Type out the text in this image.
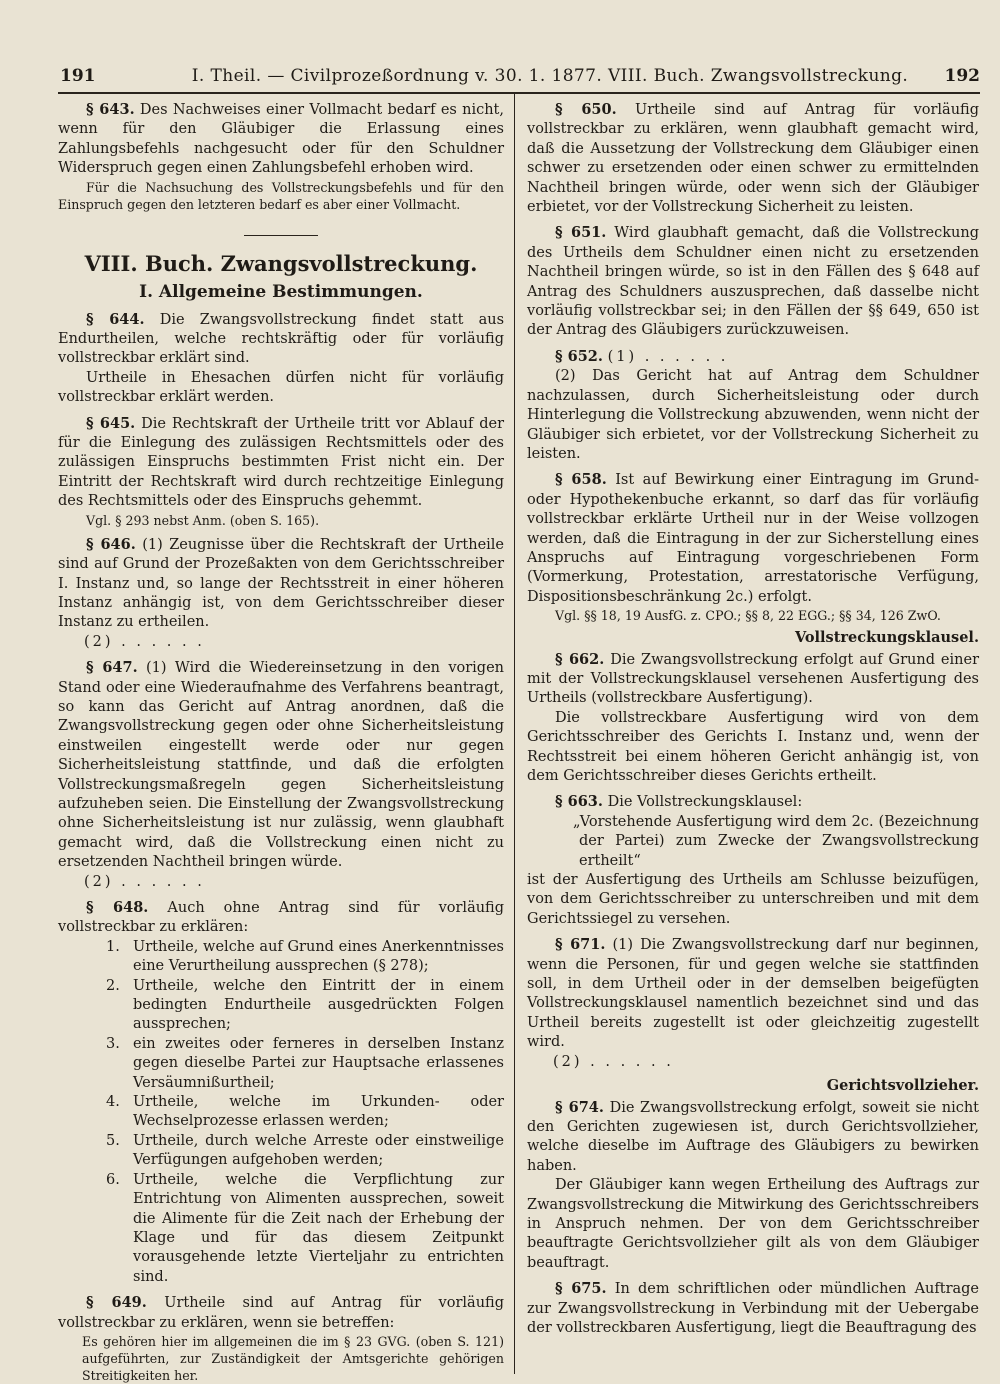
191	I. Theil. — Civilprozeßordnung v. 30. 1. 1877. VIII. Buch. Zwangsvollstreckung. 192

§ 643. Des Nachweises einer Vollmacht bedarf es nicht, wenn für den Gläubiger die Erlassung eines Zahlungsbefehls nachgesucht oder für den Schuldner Widerspruch gegen einen Zahlungsbefehl erhoben wird.

Für die Nachsuchung des Vollstreckungsbefehls und für den Einspruch gegen den letzteren bedarf es aber einer Vollmacht.

VIII. Buch. Zwangsvollstreckung.
I. Allgemeine Bestimmungen.

§ 644. Die Zwangsvollstreckung findet statt aus Endurtheilen, welche rechtskräftig oder für vorläufig vollstreckbar erklärt sind.

Urtheile in Ehesachen dürfen nicht für vorläufig vollstreckbar erklärt werden.

§ 645. Die Rechtskraft der Urtheile tritt vor Ablauf der für die Einlegung des zulässigen Rechtsmittels oder des zulässigen Einspruchs bestimmten Frist nicht ein. Der Eintritt der Rechtskraft wird durch rechtzeitige Einlegung des Rechtsmittels oder des Einspruchs gehemmt.

Vgl. § 293 nebst Anm. (oben S. 165).

§ 646. (1) Zeugnisse über die Rechtskraft der Urtheile sind auf Grund der Prozeßakten von dem Gerichtsschreiber I. Instanz und, so lange der Rechtsstreit in einer höheren Instanz anhängig ist, von dem Gerichtsschreiber dieser Instanz zu ertheilen.

(2) . . . . . .

§ 647. (1) Wird die Wiedereinsetzung in den vorigen Stand oder eine Wiederaufnahme des Verfahrens beantragt, so kann das Gericht auf Antrag anordnen, daß die Zwangsvollstreckung gegen oder ohne Sicherheitsleistung einstweilen eingestellt werde oder nur gegen Sicherheitsleistung stattfinde, und daß die erfolgten Vollstreckungsmaßregeln gegen Sicherheitsleistung aufzuheben seien. Die Einstellung der Zwangsvollstreckung ohne Sicherheitsleistung ist nur zulässig, wenn glaubhaft gemacht wird, daß die Vollstreckung einen nicht zu ersetzenden Nachtheil bringen würde.

(2) . . . . . .

§ 648. Auch ohne Antrag sind für vorläufig vollstreckbar zu erklären:

1. Urtheile, welche auf Grund eines Anerkenntnisses eine Verurtheilung aussprechen (§ 278);
2. Urtheile, welche den Eintritt der in einem bedingten Endurtheile ausgedrückten Folgen aussprechen;
3. ein zweites oder ferneres in derselben Instanz gegen dieselbe Partei zur Hauptsache erlassenes Versäumnißurtheil;
4. Urtheile, welche im Urkunden- oder Wechselprozesse erlassen werden;
5. Urtheile, durch welche Arreste oder einstweilige Verfügungen aufgehoben werden;
6. Urtheile, welche die Verpflichtung zur Entrichtung von Alimenten aussprechen, soweit die Alimente für die Zeit nach der Erhebung der Klage und für das diesem Zeitpunkt vorausgehende letzte Vierteljahr zu entrichten sind.

§ 649. Urtheile sind auf Antrag für vorläufig vollstreckbar zu erklären, wenn sie betreffen:

Es gehören hier im allgemeinen die im § 23 GVG. (oben S. 121) aufgeführten, zur Zuständigkeit der Amtsgerichte gehörigen Streitigkeiten her.

§ 650. Urtheile sind auf Antrag für vorläufig vollstreckbar zu erklären, wenn glaubhaft gemacht wird, daß die Aussetzung der Vollstreckung dem Gläubiger einen schwer zu ersetzenden oder einen schwer zu ermittelnden Nachtheil bringen würde, oder wenn sich der Gläubiger erbietet, vor der Vollstreckung Sicherheit zu leisten.

§ 651. Wird glaubhaft gemacht, daß die Vollstreckung des Urtheils dem Schuldner einen nicht zu ersetzenden Nachtheil bringen würde, so ist in den Fällen des § 648 auf Antrag des Schuldners auszusprechen, daß dasselbe nicht vorläufig vollstreckbar sei; in den Fällen der §§ 649, 650 ist der Antrag des Gläubigers zurückzuweisen.

§ 652. (1) . . . . . .

(2) Das Gericht hat auf Antrag dem Schuldner nachzulassen, durch Sicherheitsleistung oder durch Hinterlegung die Vollstreckung abzuwenden, wenn nicht der Gläubiger sich erbietet, vor der Vollstreckung Sicherheit zu leisten.

§ 658. Ist auf Bewirkung einer Eintragung im Grund- oder Hypothekenbuche erkannt, so darf das für vorläufig vollstreckbar erklärte Urtheil nur in der Weise vollzogen werden, daß die Eintragung in der zur Sicherstellung eines Anspruchs auf Eintragung vorgeschriebenen Form (Vormerkung, Protestation, arrestatorische Verfügung, Dispositionsbeschränkung 2c.) erfolgt.

Vgl. §§ 18, 19 AusfG. z. CPO.; §§ 8, 22 EGG.; §§ 34, 126 ZwO.

Vollstreckungsklausel.

§ 662. Die Zwangsvollstreckung erfolgt auf Grund einer mit der Vollstreckungsklausel versehenen Ausfertigung des Urtheils (vollstreckbare Ausfertigung).

Die vollstreckbare Ausfertigung wird von dem Gerichtsschreiber des Gerichts I. Instanz und, wenn der Rechtsstreit bei einem höheren Gericht anhängig ist, von dem Gerichtsschreiber dieses Gerichts ertheilt.

§ 663. Die Vollstreckungsklausel:

„Vorstehende Ausfertigung wird dem 2c. (Bezeichnung der Partei) zum Zwecke der Zwangsvollstreckung ertheilt“

ist der Ausfertigung des Urtheils am Schlusse beizufügen, von dem Gerichtsschreiber zu unterschreiben und mit dem Gerichtssiegel zu versehen.

§ 671. (1) Die Zwangsvollstreckung darf nur beginnen, wenn die Personen, für und gegen welche sie stattfinden soll, in dem Urtheil oder in der demselben beigefügten Vollstreckungsklausel namentlich bezeichnet sind und das Urtheil bereits zugestellt ist oder gleichzeitig zugestellt wird.

(2) . . . . . .

Gerichtsvollzieher.

§ 674. Die Zwangsvollstreckung erfolgt, soweit sie nicht den Gerichten zugewiesen ist, durch Gerichtsvollzieher, welche dieselbe im Auftrage des Gläubigers zu bewirken haben.

Der Gläubiger kann wegen Ertheilung des Auftrags zur Zwangsvollstreckung die Mitwirkung des Gerichtsschreibers in Anspruch nehmen. Der von dem Gerichtsschreiber beauftragte Gerichtsvollzieher gilt als von dem Gläubiger beauftragt.

§ 675. In dem schriftlichen oder mündlichen Auftrage zur Zwangsvollstreckung in Verbindung mit der Uebergabe der vollstreckbaren Ausfertigung, liegt die Beauftragung des
